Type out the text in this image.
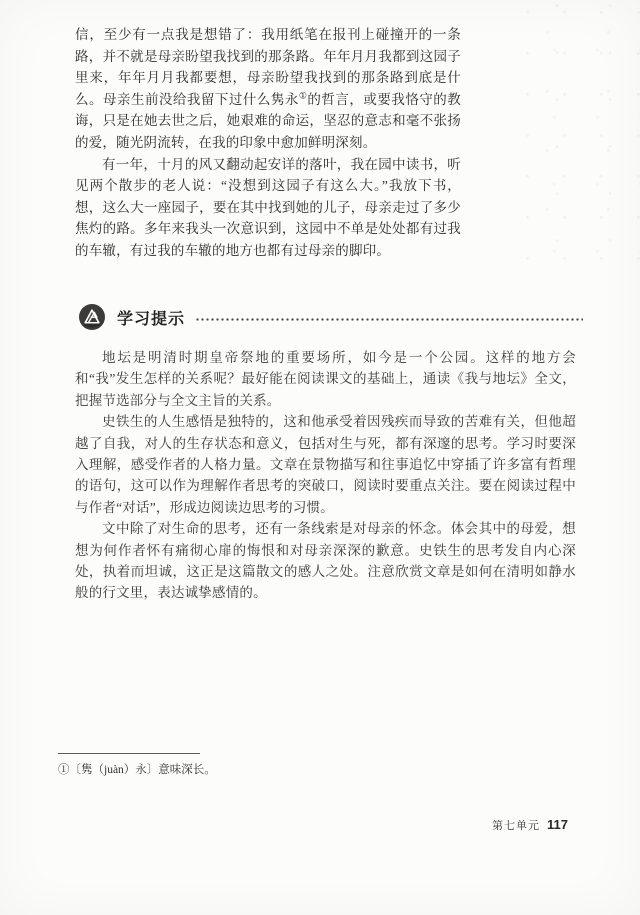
信，至少有一点我是想错了：我用纸笔在报刊上碰撞开的一条路，并不就是母亲盼望我找到的那条路。年年月月我都到这园子里来，年年月月我都要想，母亲盼望我找到的那条路到底是什么。母亲生前没给我留下过什么隽永①的哲言，或要我恪守的教诲，只是在她去世之后，她艰难的命运，坚忍的意志和毫不张扬的爱，随光阴流转，在我的印象中愈加鲜明深刻。

有一年，十月的风又翻动起安详的落叶，我在园中读书，听见两个散步的老人说：“没想到这园子有这么大。”我放下书，想，这么大一座园子，要在其中找到她的儿子，母亲走过了多少焦灼的路。多年来我头一次意识到，这园中不单是处处都有过我的车辙，有过我的车辙的地方也都有过母亲的脚印。

学习提示

地坛是明清时期皇帝祭地的重要场所，如今是一个公园。这样的地方会和“我”发生怎样的关系呢？最好能在阅读课文的基础上，通读《我与地坛》全文，把握节选部分与全文主旨的关系。

史铁生的人生感悟是独特的，这和他承受着因残疾而导致的苦难有关，但他超越了自我，对人的生存状态和意义，包括对生与死，都有深邃的思考。学习时要深入理解，感受作者的人格力量。文章在景物描写和往事追忆中穿插了许多富有哲理的语句，这可以作为理解作者思考的突破口，阅读时要重点关注。要在阅读过程中与作者“对话”，形成边阅读边思考的习惯。

文中除了对生命的思考，还有一条线索是对母亲的怀念。体会其中的母爱，想想为何作者怀有痛彻心扉的悔恨和对母亲深深的歉意。史铁生的思考发自内心深处，执着而坦诚，这正是这篇散文的感人之处。注意欣赏文章是如何在清明如静水般的行文里，表达诚挚感情的。

①〔隽（juàn）永〕意味深长。

第七单元 117
